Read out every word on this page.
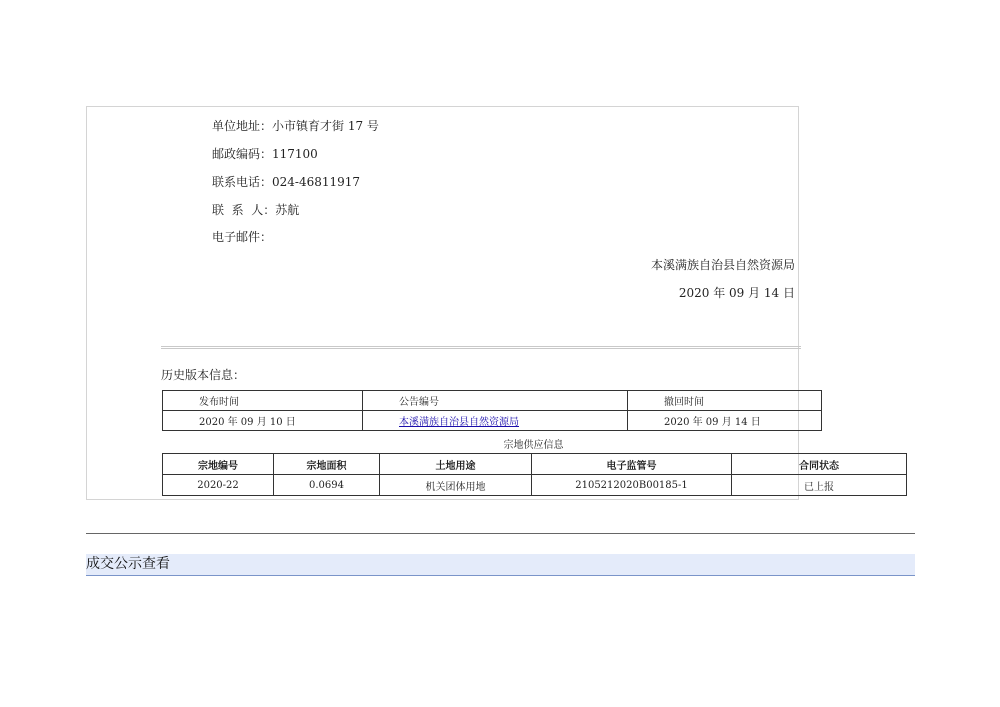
单位地址：小市镇育才街 17 号
邮政编码：117100
联系电话：024-46811917
联  系  人：苏航
电子邮件：
本溪满族自治县自然资源局
2020 年 09 月 14 日
历史版本信息：
发布时间	公告编号	撤回时间
2020 年 09 月 10 日	本溪满族自治县自然资源局	2020 年 09 月 14 日
宗地供应信息
宗地编号	宗地面积	土地用途	电子监管号	合同状态
2020-22	0.0694	机关团体用地	2105212020B00185-1	已上报
成交公示查看
